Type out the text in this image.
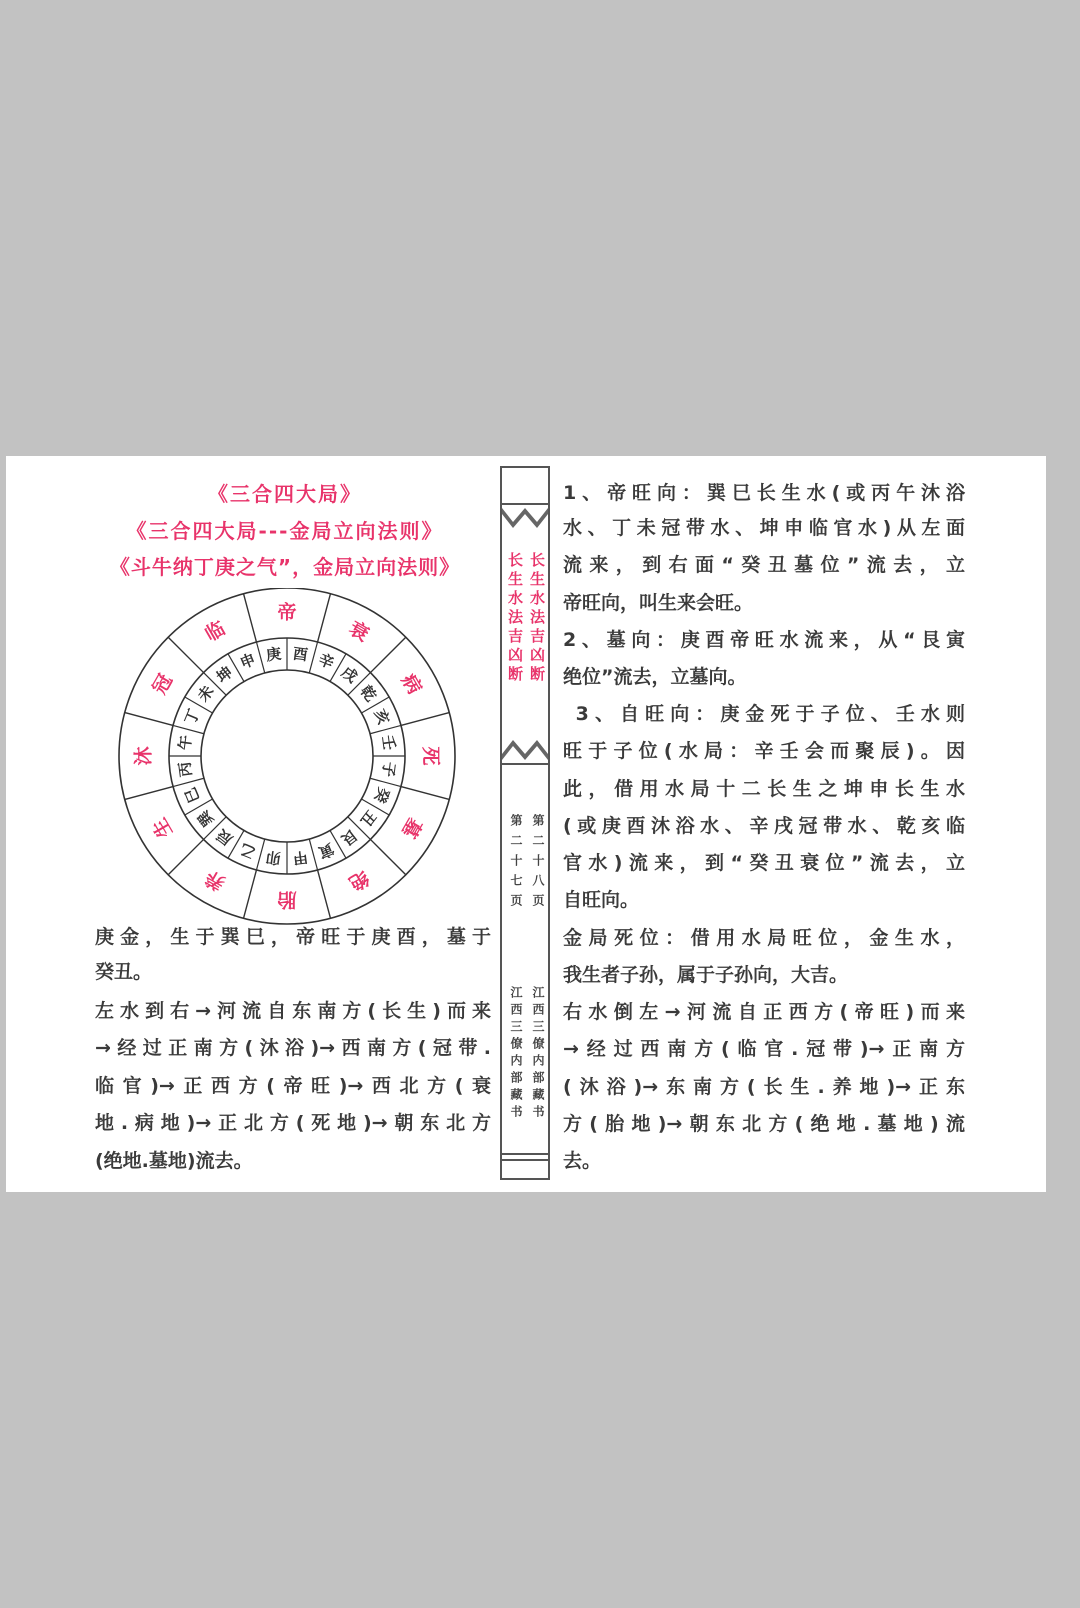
《三合四大局》
《三合四大局---金局立向法则》
《斗牛纳丁庚之气”，金局立向法则》
帝
衰
病
死
墓
绝
胎
养
生
沐
冠
临
庚 酉 辛
戌
乾
亥
壬
子
癸
丑
艮
寅
甲
卯
乙
辰
巽
巳
丙
午
丁
未
坤
申
庚金，生于巽巳，帝旺于庚酉，墓于
癸丑。
左水到右→河流自东南方(长生)而来
→经过正南方(沐浴)→西南方(冠带.
临官)→正西方(帝旺)→西北方(衰
地.病地)→正北方(死地)→朝东北方
(绝地.墓地)流去。
长生水法吉凶断 长生水法吉凶断
第二十七页 第二十八页
江西三僚内部藏书 江西三僚内部藏书
1、帝旺向：巽巳长生水(或丙午沐浴
水、丁未冠带水、坤申临官水)从左面
流来，到右面“癸丑墓位”流去，立
帝旺向，叫生来会旺。
2、墓向：庚酉帝旺水流来，从“艮寅
绝位”流去，立墓向。
3、自旺向：庚金死于子位、壬水则
旺于子位(水局：辛壬会而聚辰)。因
此，借用水局十二长生之坤申长生水
(或庚酉沐浴水、辛戌冠带水、乾亥临
官水)流来，到“癸丑衰位”流去，立
自旺向。
金局死位：借用水局旺位，金生水，
我生者子孙，属于子孙向，大吉。
右水倒左→河流自正西方(帝旺)而来
→经过西南方(临官.冠带)→正南方
(沐浴)→东南方(长生.养地)→正东
方(胎地)→朝东北方(绝地.墓地)流
去。
